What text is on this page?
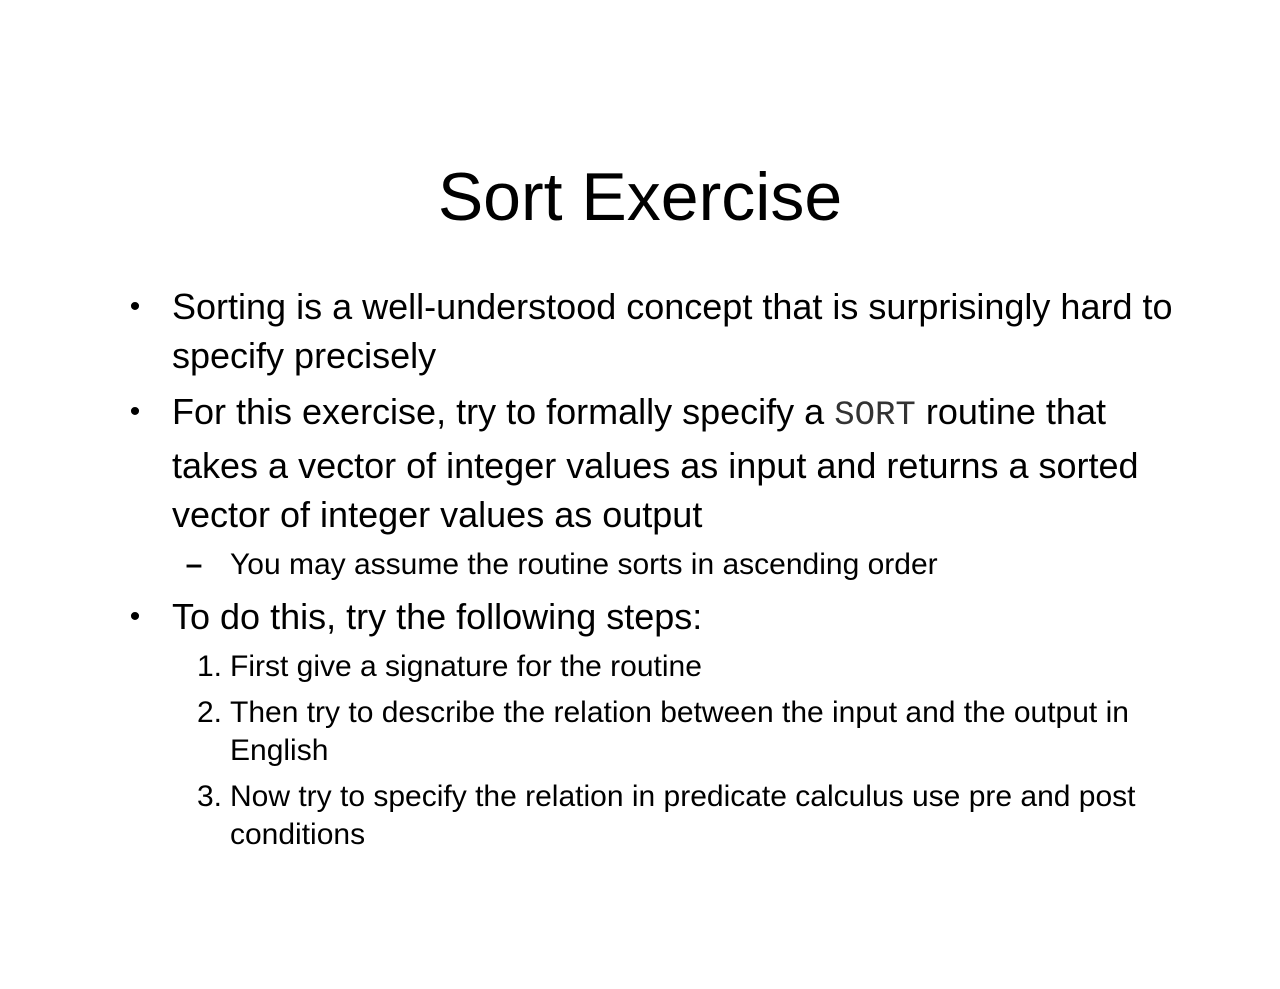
Sort Exercise
• Sorting is a well-understood concept that is surprisingly hard to specify precisely
• For this exercise, try to formally specify a SORT routine that takes a vector of integer values as input and returns a sorted vector of integer values as output
– You may assume the routine sorts in ascending order
• To do this, try the following steps:
1. First give a signature for the routine
2. Then try to describe the relation between the input and the output in English
3. Now try to specify the relation in predicate calculus use pre and post conditions
